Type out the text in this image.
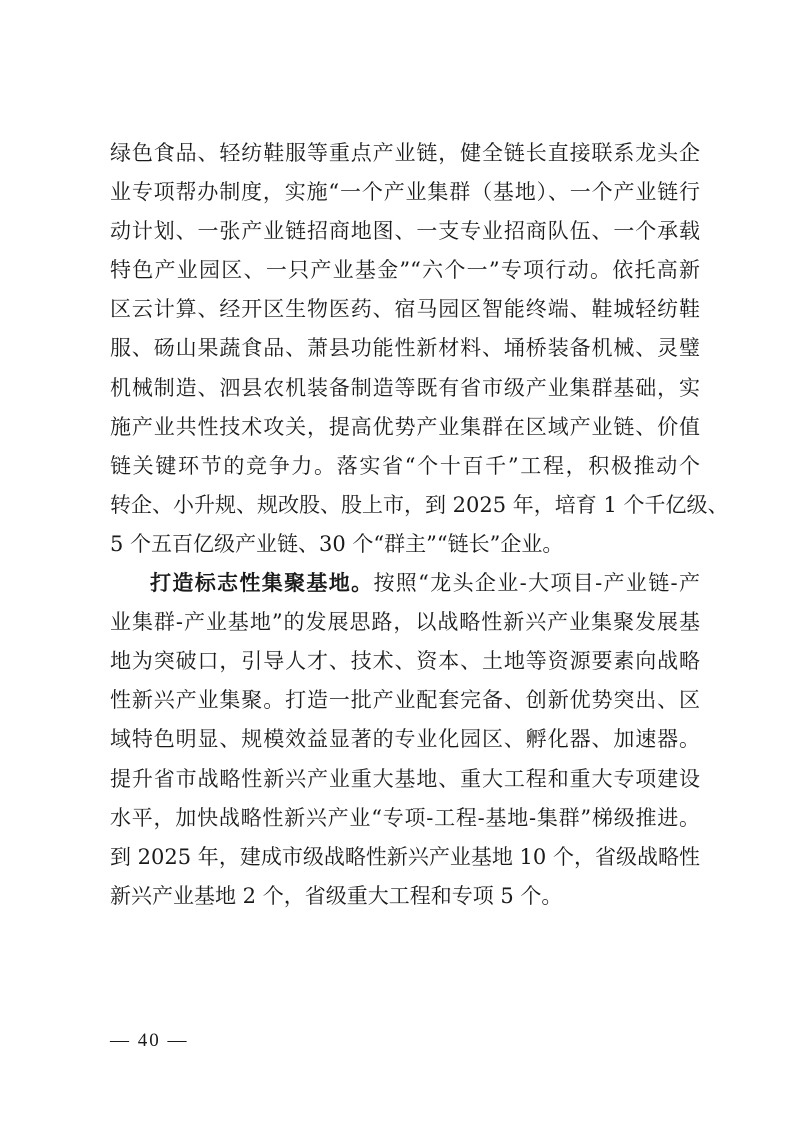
绿色食品、轻纺鞋服等重点产业链，健全链长直接联系龙头企
业专项帮办制度，实施“一个产业集群（基地）、一个产业链行
动计划、一张产业链招商地图、一支专业招商队伍、一个承载
特色产业园区、一只产业基金”“六个一”专项行动。依托高新
区云计算、经开区生物医药、宿马园区智能终端、鞋城轻纺鞋
服、砀山果蔬食品、萧县功能性新材料、埇桥装备机械、灵璧
机械制造、泗县农机装备制造等既有省市级产业集群基础，实
施产业共性技术攻关，提高优势产业集群在区域产业链、价值
链关键环节的竞争力。落实省“个十百千”工程，积极推动个
转企、小升规、规改股、股上市，到 2025 年，培育 1 个千亿级、
5 个五百亿级产业链、30 个“群主”“链长”企业。
打造标志性集聚基地。按照“龙头企业-大项目-产业链-产
业集群-产业基地”的发展思路，以战略性新兴产业集聚发展基
地为突破口，引导人才、技术、资本、土地等资源要素向战略
性新兴产业集聚。打造一批产业配套完备、创新优势突出、区
域特色明显、规模效益显著的专业化园区、孵化器、加速器。
提升省市战略性新兴产业重大基地、重大工程和重大专项建设
水平，加快战略性新兴产业“专项-工程-基地-集群”梯级推进。
到 2025 年，建成市级战略性新兴产业基地 10 个，省级战略性
新兴产业基地 2 个，省级重大工程和专项 5 个。
— 40 —
